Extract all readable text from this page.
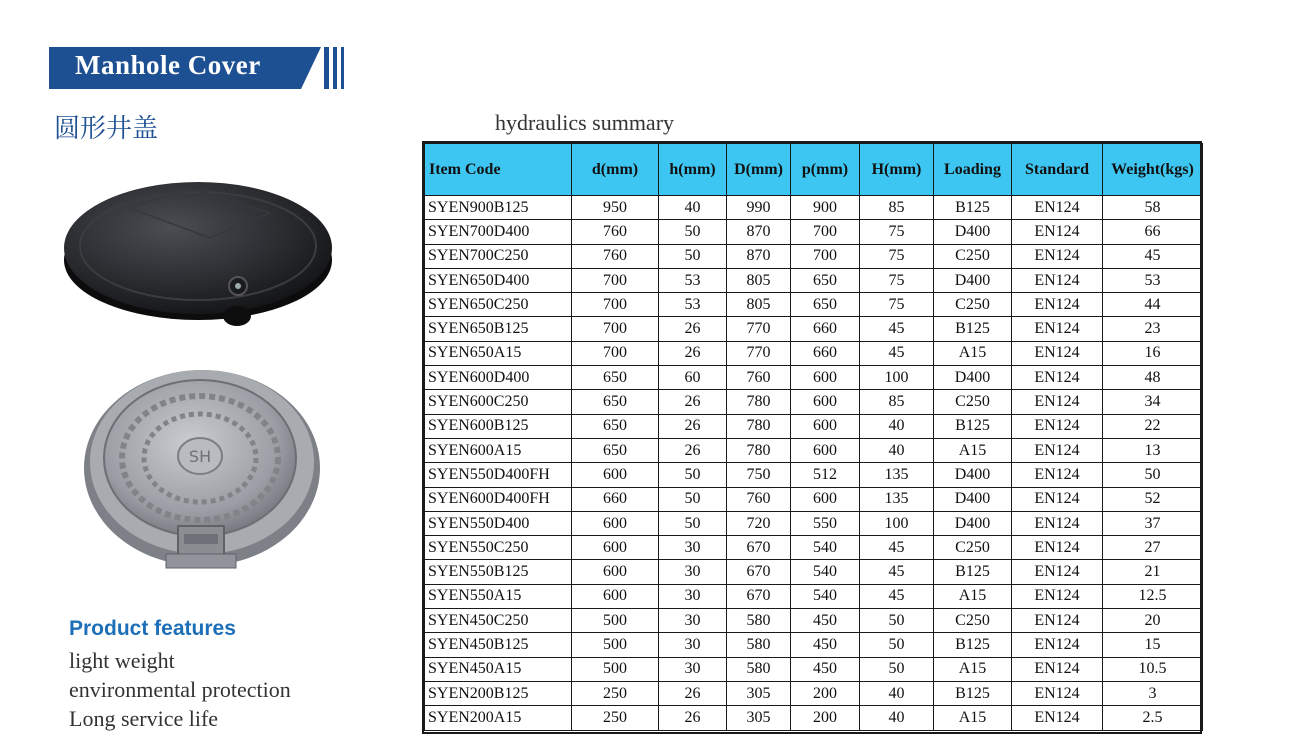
Manhole Cover
圆形井盖	hydraulics summary
SH
Product features
light weight
environmental protection
Long service life
Item Code	d(mm)	h(mm)	D(mm)	p(mm)	H(mm)	Loading	Standard	Weight(kgs)
SYEN900B125	950	40	990	900	85	B125	EN124	58
SYEN700D400	760	50	870	700	75	D400	EN124	66
SYEN700C250	760	50	870	700	75	C250	EN124	45
SYEN650D400	700	53	805	650	75	D400	EN124	53
SYEN650C250	700	53	805	650	75	C250	EN124	44
SYEN650B125	700	26	770	660	45	B125	EN124	23
SYEN650A15	700	26	770	660	45	A15	EN124	16
SYEN600D400	650	60	760	600	100	D400	EN124	48
SYEN600C250	650	26	780	600	85	C250	EN124	34
SYEN600B125	650	26	780	600	40	B125	EN124	22
SYEN600A15	650	26	780	600	40	A15	EN124	13
SYEN550D400FH	600	50	750	512	135	D400	EN124	50
SYEN600D400FH	660	50	760	600	135	D400	EN124	52
SYEN550D400	600	50	720	550	100	D400	EN124	37
SYEN550C250	600	30	670	540	45	C250	EN124	27
SYEN550B125	600	30	670	540	45	B125	EN124	21
SYEN550A15	600	30	670	540	45	A15	EN124	12.5
SYEN450C250	500	30	580	450	50	C250	EN124	20
SYEN450B125	500	30	580	450	50	B125	EN124	15
SYEN450A15	500	30	580	450	50	A15	EN124	10.5
SYEN200B125	250	26	305	200	40	B125	EN124	3
SYEN200A15	250	26	305	200	40	A15	EN124	2.5
